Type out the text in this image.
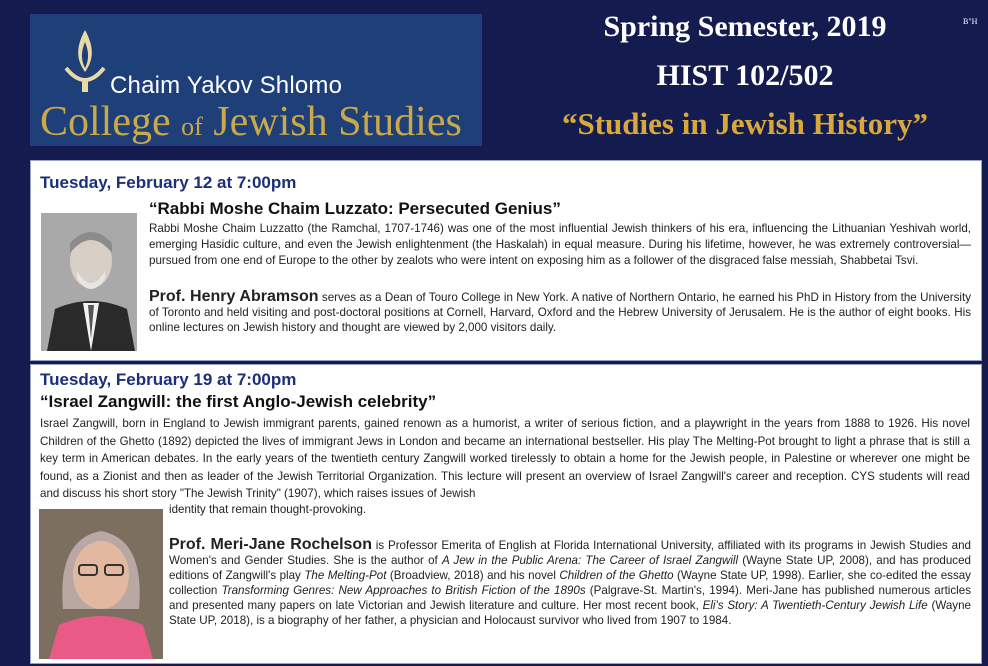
Chaim Yakov Shlomo
College of Jewish Studies
Spring Semester, 2019
HIST 102/502
“Studies in Jewish History”
B"H
Tuesday, February 12 at 7:00pm
“Rabbi Moshe Chaim Luzzato: Persecuted Genius”
Rabbi Moshe Chaim Luzzatto (the Ramchal, 1707-1746) was one of the most influential Jewish thinkers of his era, influencing the Lithuanian Yeshivah world, emerging Hasidic culture, and even the Jewish enlightenment (the Haskalah) in equal measure. During his lifetime, however, he was extremely controversial—pursued from one end of Europe to the other by zealots who were intent on exposing him as a follower of the disgraced false messiah, Shabbetai Tsvi.
Prof. Henry Abramson serves as a Dean of Touro College in New York. A native of Northern Ontario, he earned his PhD in History from the University of Toronto and held visiting and post-doctoral positions at Cornell, Harvard, Oxford and the Hebrew University of Jerusalem. He is the author of eight books. His online lectures on Jewish history and thought are viewed by 2,000 visitors daily.
Tuesday, February 19 at 7:00pm
“Israel Zangwill: the first Anglo-Jewish celebrity”
Israel Zangwill, born in England to Jewish immigrant parents, gained renown as a humorist, a writer of serious fiction, and a playwright in the years from 1888 to 1926. His novel Children of the Ghetto (1892) depicted the lives of immigrant Jews in London and became an international bestseller. His play The Melting-Pot brought to light a phrase that is still a key term in American debates. In the early years of the twentieth century Zangwill worked tirelessly to obtain a home for the Jewish people, in Palestine or wherever one might be found, as a Zionist and then as leader of the Jewish Territorial Organization. This lecture will present an overview of Israel Zangwill's career and reception. CYS students will read and discuss his short story "The Jewish Trinity" (1907), which raises issues of Jewish
identity that remain thought-provoking.
Prof. Meri-Jane Rochelson is Professor Emerita of English at Florida International University, affiliated with its programs in Jewish Studies and Women's and Gender Studies. She is the author of A Jew in the Public Arena: The Career of Israel Zangwill (Wayne State UP, 2008), and has produced editions of Zangwill's play The Melting-Pot (Broadview, 2018) and his novel Children of the Ghetto (Wayne State UP, 1998). Earlier, she co-edited the essay collection Transforming Genres: New Approaches to British Fiction of the 1890s (Palgrave-St. Martin's, 1994). Meri-Jane has published numerous articles and presented many papers on late Victorian and Jewish literature and culture. Her most recent book, Eli's Story: A Twentieth-Century Jewish Life (Wayne State UP, 2018), is a biography of her father, a physician and Holocaust survivor who lived from 1907 to 1984.
